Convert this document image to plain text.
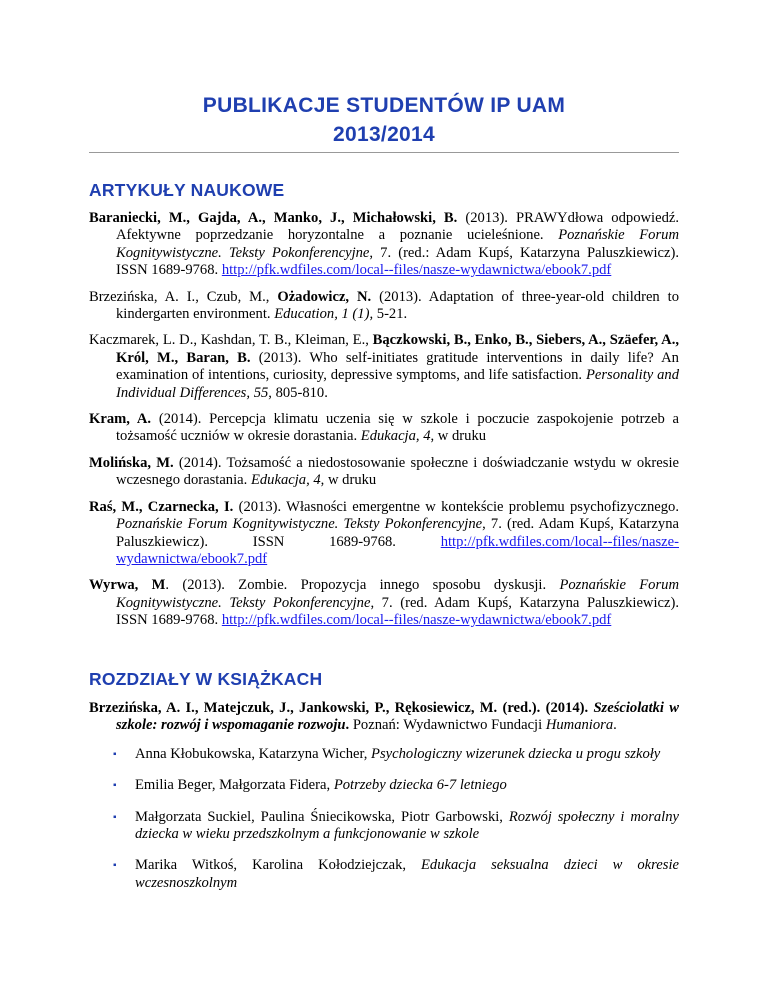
PUBLIKACJE STUDENTÓW IP UAM
2013/2014
ARTYKUŁY NAUKOWE

Baraniecki, M., Gajda, A., Manko, J., Michałowski, B. (2013). PRAWYdłowa odpowiedź. Afektywne poprzedzanie horyzontalne a poznanie ucieleśnione. Poznańskie Forum Kognitywistyczne. Teksty Pokonferencyjne, 7. (red.: Adam Kupś, Katarzyna Paluszkiewicz). ISSN 1689-9768. http://pfk.wdfiles.com/local--files/nasze-wydawnictwa/ebook7.pdf

Brzezińska, A. I., Czub, M., Ożadowicz, N. (2013). Adaptation of three-year-old children to kindergarten environment. Education, 1 (1), 5-21.

Kaczmarek, L. D., Kashdan, T. B., Kleiman, E., Bączkowski, B., Enko, B., Siebers, A., Szäefer, A., Król, M., Baran, B. (2013). Who self-initiates gratitude interventions in daily life? An examination of intentions, curiosity, depressive symptoms, and life satisfaction. Personality and Individual Differences, 55, 805-810.

Kram, A. (2014). Percepcja klimatu uczenia się w szkole i poczucie zaspokojenie potrzeb a tożsamość uczniów w okresie dorastania. Edukacja, 4, w druku

Molińska, M. (2014). Tożsamość a niedostosowanie społeczne i doświadczanie wstydu w okresie wczesnego dorastania. Edukacja, 4, w druku

Raś, M., Czarnecka, I. (2013). Własności emergentne w kontekście problemu psychofizycznego. Poznańskie Forum Kognitywistyczne. Teksty Pokonferencyjne, 7. (red. Adam Kupś, Katarzyna Paluszkiewicz). ISSN 1689-9768.	http://pfk.wdfiles.com/local--files/nasze-wydawnictwa/ebook7.pdf

Wyrwa, M. (2013). Zombie. Propozycja innego sposobu dyskusji. Poznańskie Forum Kognitywistyczne. Teksty Pokonferencyjne, 7. (red. Adam Kupś, Katarzyna Paluszkiewicz). ISSN 1689-9768. http://pfk.wdfiles.com/local--files/nasze-wydawnictwa/ebook7.pdf

ROZDZIAŁY W KSIĄŻKACH

Brzezińska, A. I., Matejczuk, J., Jankowski, P., Rękosiewicz, M. (red.). (2014). Sześciolatki w szkole: rozwój i wspomaganie rozwoju. Poznań: Wydawnictwo Fundacji Humaniora.

▪ Anna Kłobukowska, Katarzyna Wicher, Psychologiczny wizerunek dziecka u progu szkoły
▪ Emilia Beger, Małgorzata Fidera, Potrzeby dziecka 6-7 letniego
▪ Małgorzata Suckiel, Paulina Śniecikowska, Piotr Garbowski, Rozwój społeczny i moralny dziecka w wieku przedszkolnym a funkcjonowanie w szkole
▪ Marika Witkoś, Karolina Kołodziejczak, Edukacja seksualna dzieci w okresie wczesnoszkolnym
